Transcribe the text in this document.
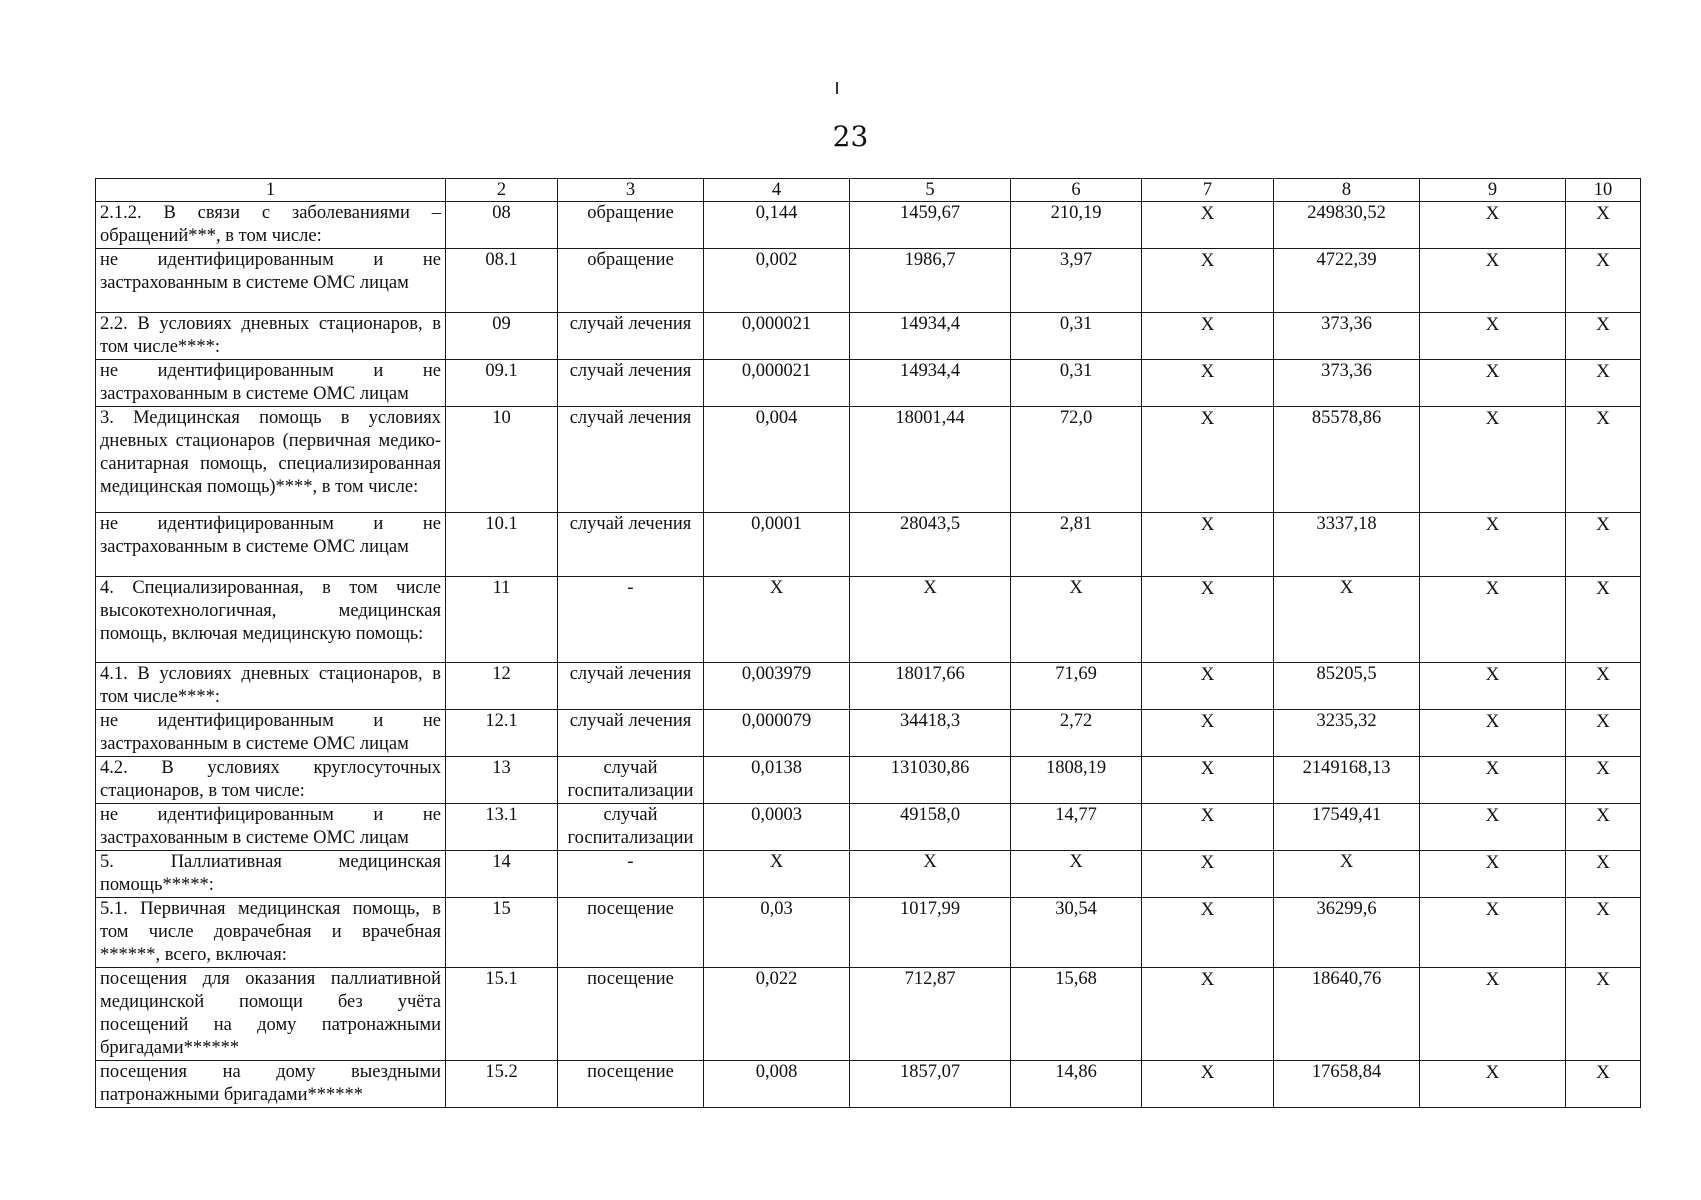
23
1	2	3	4	5	6	7	8	9	10
2.1.2. В связи с заболеваниями – обращений***, в том числе:	08	обращение	0,144	1459,67	210,19	X	249830,52	X	X
не идентифицированным и не застрахованным в системе ОМС лицам	08.1	обращение	0,002	1986,7	3,97	X	4722,39	X	X
2.2. В условиях дневных стационаров, в том числе****:	09	случай лечения	0,000021	14934,4	0,31	X	373,36	X	X
не идентифицированным и не застрахованным в системе ОМС лицам	09.1	случай лечения	0,000021	14934,4	0,31	X	373,36	X	X
3. Медицинская помощь в условиях дневных стационаров (первичная медико-санитарная помощь, специализированная медицинская помощь)****, в том числе:	10	случай лечения	0,004	18001,44	72,0	X	85578,86	X	X
не идентифицированным и не застрахованным в системе ОМС лицам	10.1	случай лечения	0,0001	28043,5	2,81	X	3337,18	X	X
4. Специализированная, в том числе высокотехнологичная, медицинская помощь, включая медицинскую помощь:	11	-	X	X	X	X	X	X	X
4.1. В условиях дневных стационаров, в том числе****:	12	случай лечения	0,003979	18017,66	71,69	X	85205,5	X	X
не идентифицированным и не застрахованным в системе ОМС лицам	12.1	случай лечения	0,000079	34418,3	2,72	X	3235,32	X	X
4.2. В условиях круглосуточных стационаров, в том числе:	13	случай госпитализации	0,0138	131030,86	1808,19	X	2149168,13	X	X
не идентифицированным и не застрахованным в системе ОМС лицам	13.1	случай госпитализации	0,0003	49158,0	14,77	X	17549,41	X	X
5. Паллиативная медицинская помощь*****:	14	-	X	X	X	X	X	X	X
5.1. Первичная медицинская помощь, в том числе доврачебная и врачебная ******, всего, включая:	15	посещение	0,03	1017,99	30,54	X	36299,6	X	X
посещения для оказания паллиативной медицинской помощи без учёта посещений на дому патронажными бригадами******	15.1	посещение	0,022	712,87	15,68	X	18640,76	X	X
посещения на дому выездными патронажными бригадами******	15.2	посещение	0,008	1857,07	14,86	X	17658,84	X	X
